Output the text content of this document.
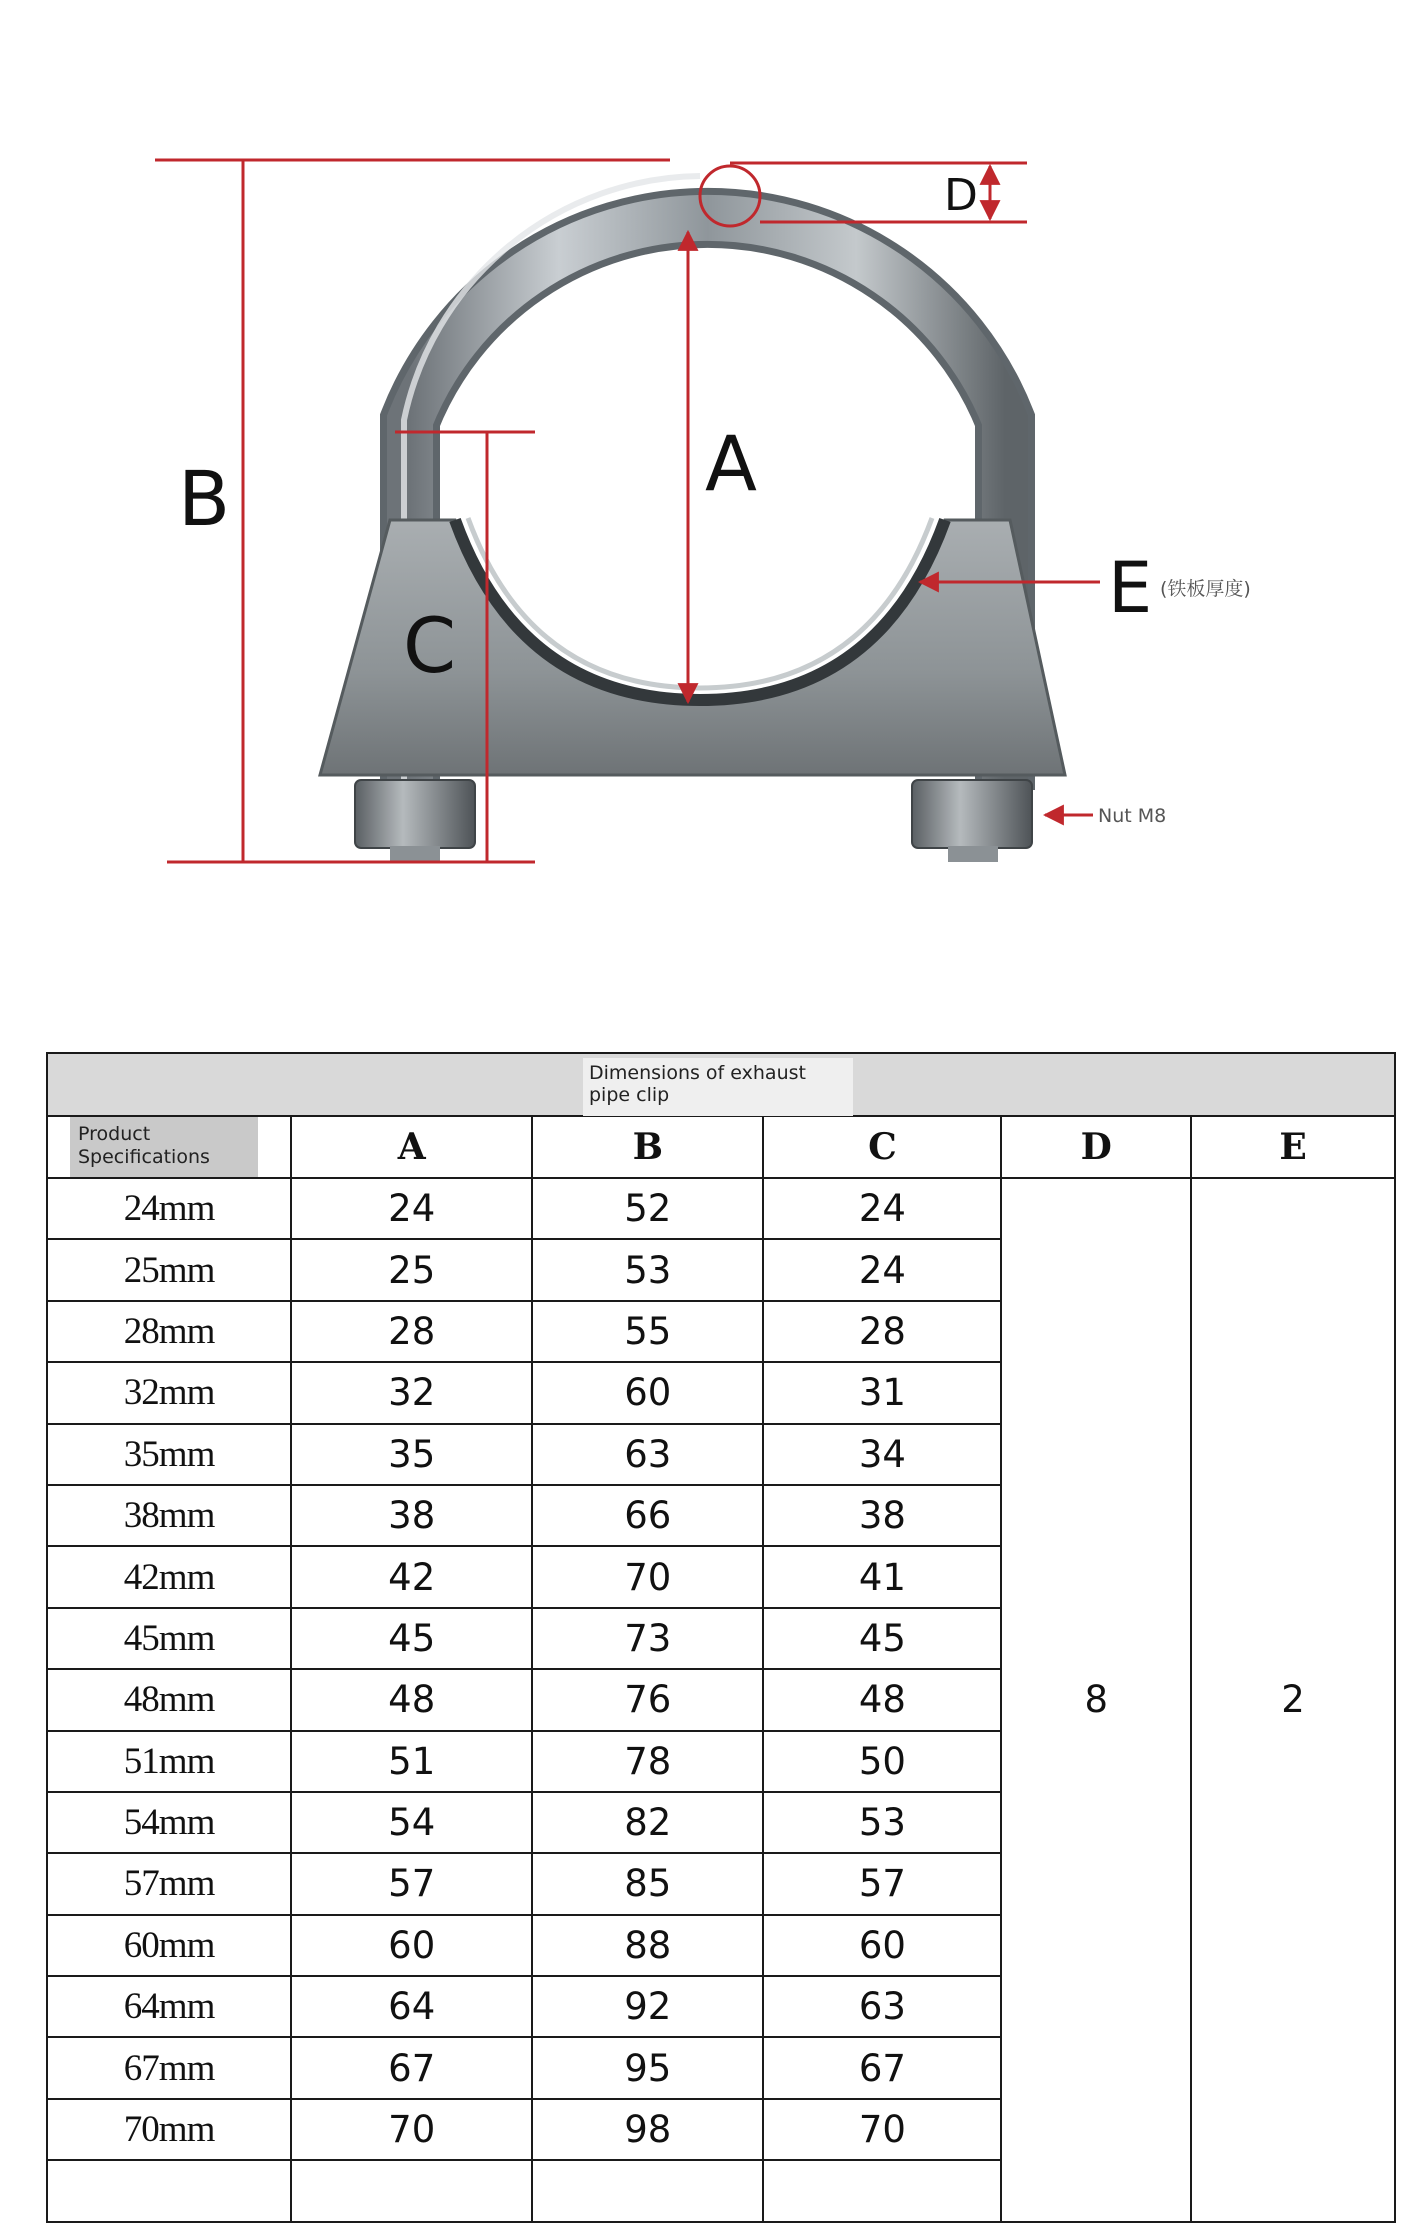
B	A
C
D
E (铁板厚度)
Nut M8
Dimensions of exhaust pipe clip					

Product Specifications	A	B	C	D	E
24mm	24	52	24	8	2
25mm	25	53	24		
28mm	28	55	28		
32mm	32	60	31		
35mm	35	63	34		
38mm	38	66	38		
42mm	42	70	41		
45mm	45	73	45		
48mm	48	76	48		
51mm	51	78	50		
54mm	54	82	53		
57mm	57	85	57		
60mm	60	88	60		
64mm	64	92	63		
67mm	67	95	67		
70mm	70	98	70		
